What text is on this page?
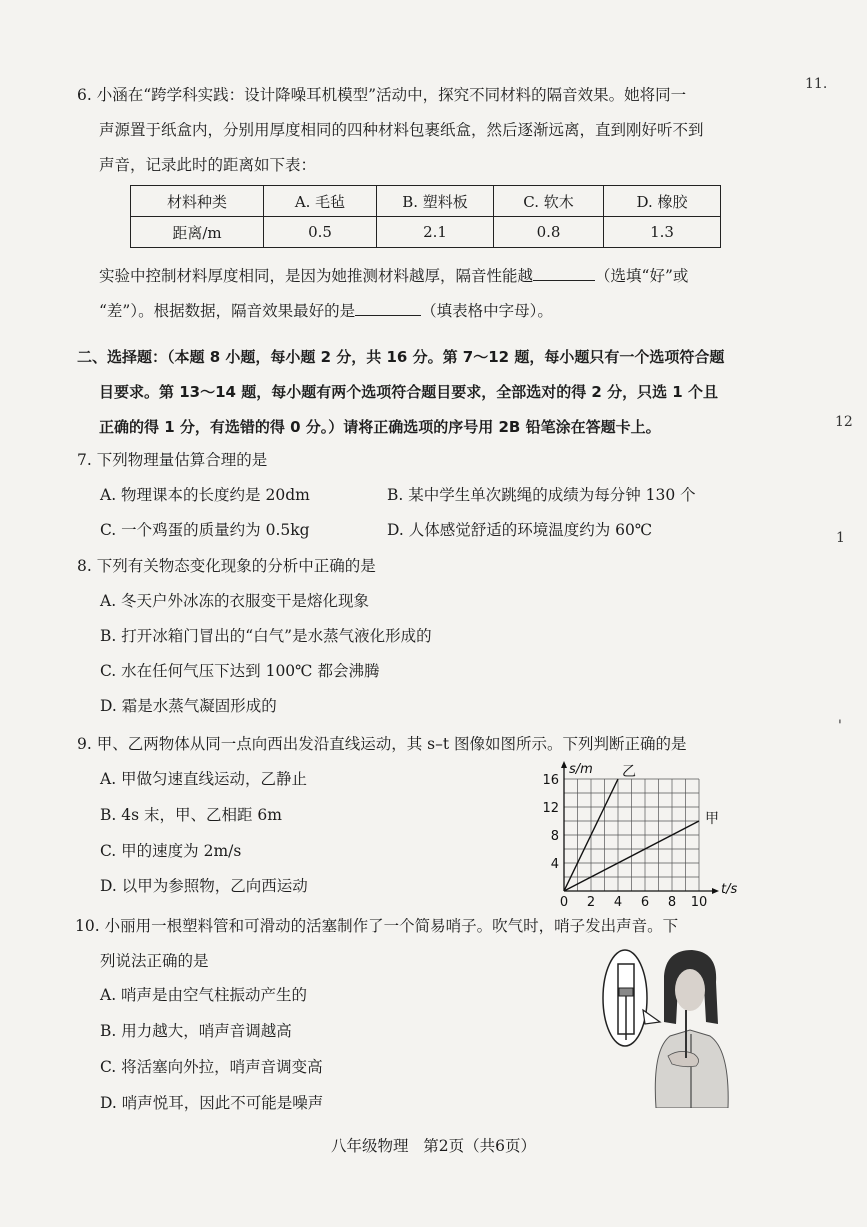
11.
12
1
'
6. 小涵在“跨学科实践：设计降噪耳机模型”活动中，探究不同材料的隔音效果。她将同一
声源置于纸盒内，分别用厚度相同的四种材料包裹纸盒，然后逐渐远离，直到刚好听不到
声音，记录此时的距离如下表：
材料种类	A. 毛毡	B. 塑料板	C. 软木	D. 橡胶
距离/m	0.5	2.1	0.8	1.3
实验中控制材料厚度相同，是因为她推测材料越厚，隔音性能越	（选填“好”或
“差”）。根据数据，隔音效果最好的是	（填表格中字母）。
二、选择题：（本题 8 小题，每小题 2 分，共 16 分。第 7～12 题，每小题只有一个选项符合题
目要求。第 13～14 题，每小题有两个选项符合题目要求，全部选对的得 2 分，只选 1 个且
正确的得 1 分，有选错的得 0 分。）请将正确选项的序号用 2B 铅笔涂在答题卡上。
7. 下列物理量估算合理的是
A. 物理课本的长度约是 20dm	B. 某中学生单次跳绳的成绩为每分钟 130 个
C. 一个鸡蛋的质量约为 0.5kg	D. 人体感觉舒适的环境温度约为 60℃
8. 下列有关物态变化现象的分析中正确的是
A. 冬天户外冰冻的衣服变干是熔化现象
B. 打开冰箱门冒出的“白气”是水蒸气液化形成的
C. 水在任何气压下达到 100℃ 都会沸腾
D. 霜是水蒸气凝固形成的
9. 甲、乙两物体从同一点向西出发沿直线运动，其 s–t 图像如图所示。下列判断正确的是
A. 甲做匀速直线运动，乙静止
B. 4s 末，甲、乙相距 6m
C. 甲的速度为 2m/s
D. 以甲为参照物，乙向西运动
0 2 4 6 8 10
4
8
12
16
t/s
s/m 乙
甲
10. 小丽用一根塑料管和可滑动的活塞制作了一个简易哨子。吹气时，哨子发出声音。下
列说法正确的是
A. 哨声是由空气柱振动产生的
B. 用力越大，哨声音调越高
C. 将活塞向外拉，哨声音调变高
D. 哨声悦耳，因此不可能是噪声
八年级物理   第2页（共6页）
